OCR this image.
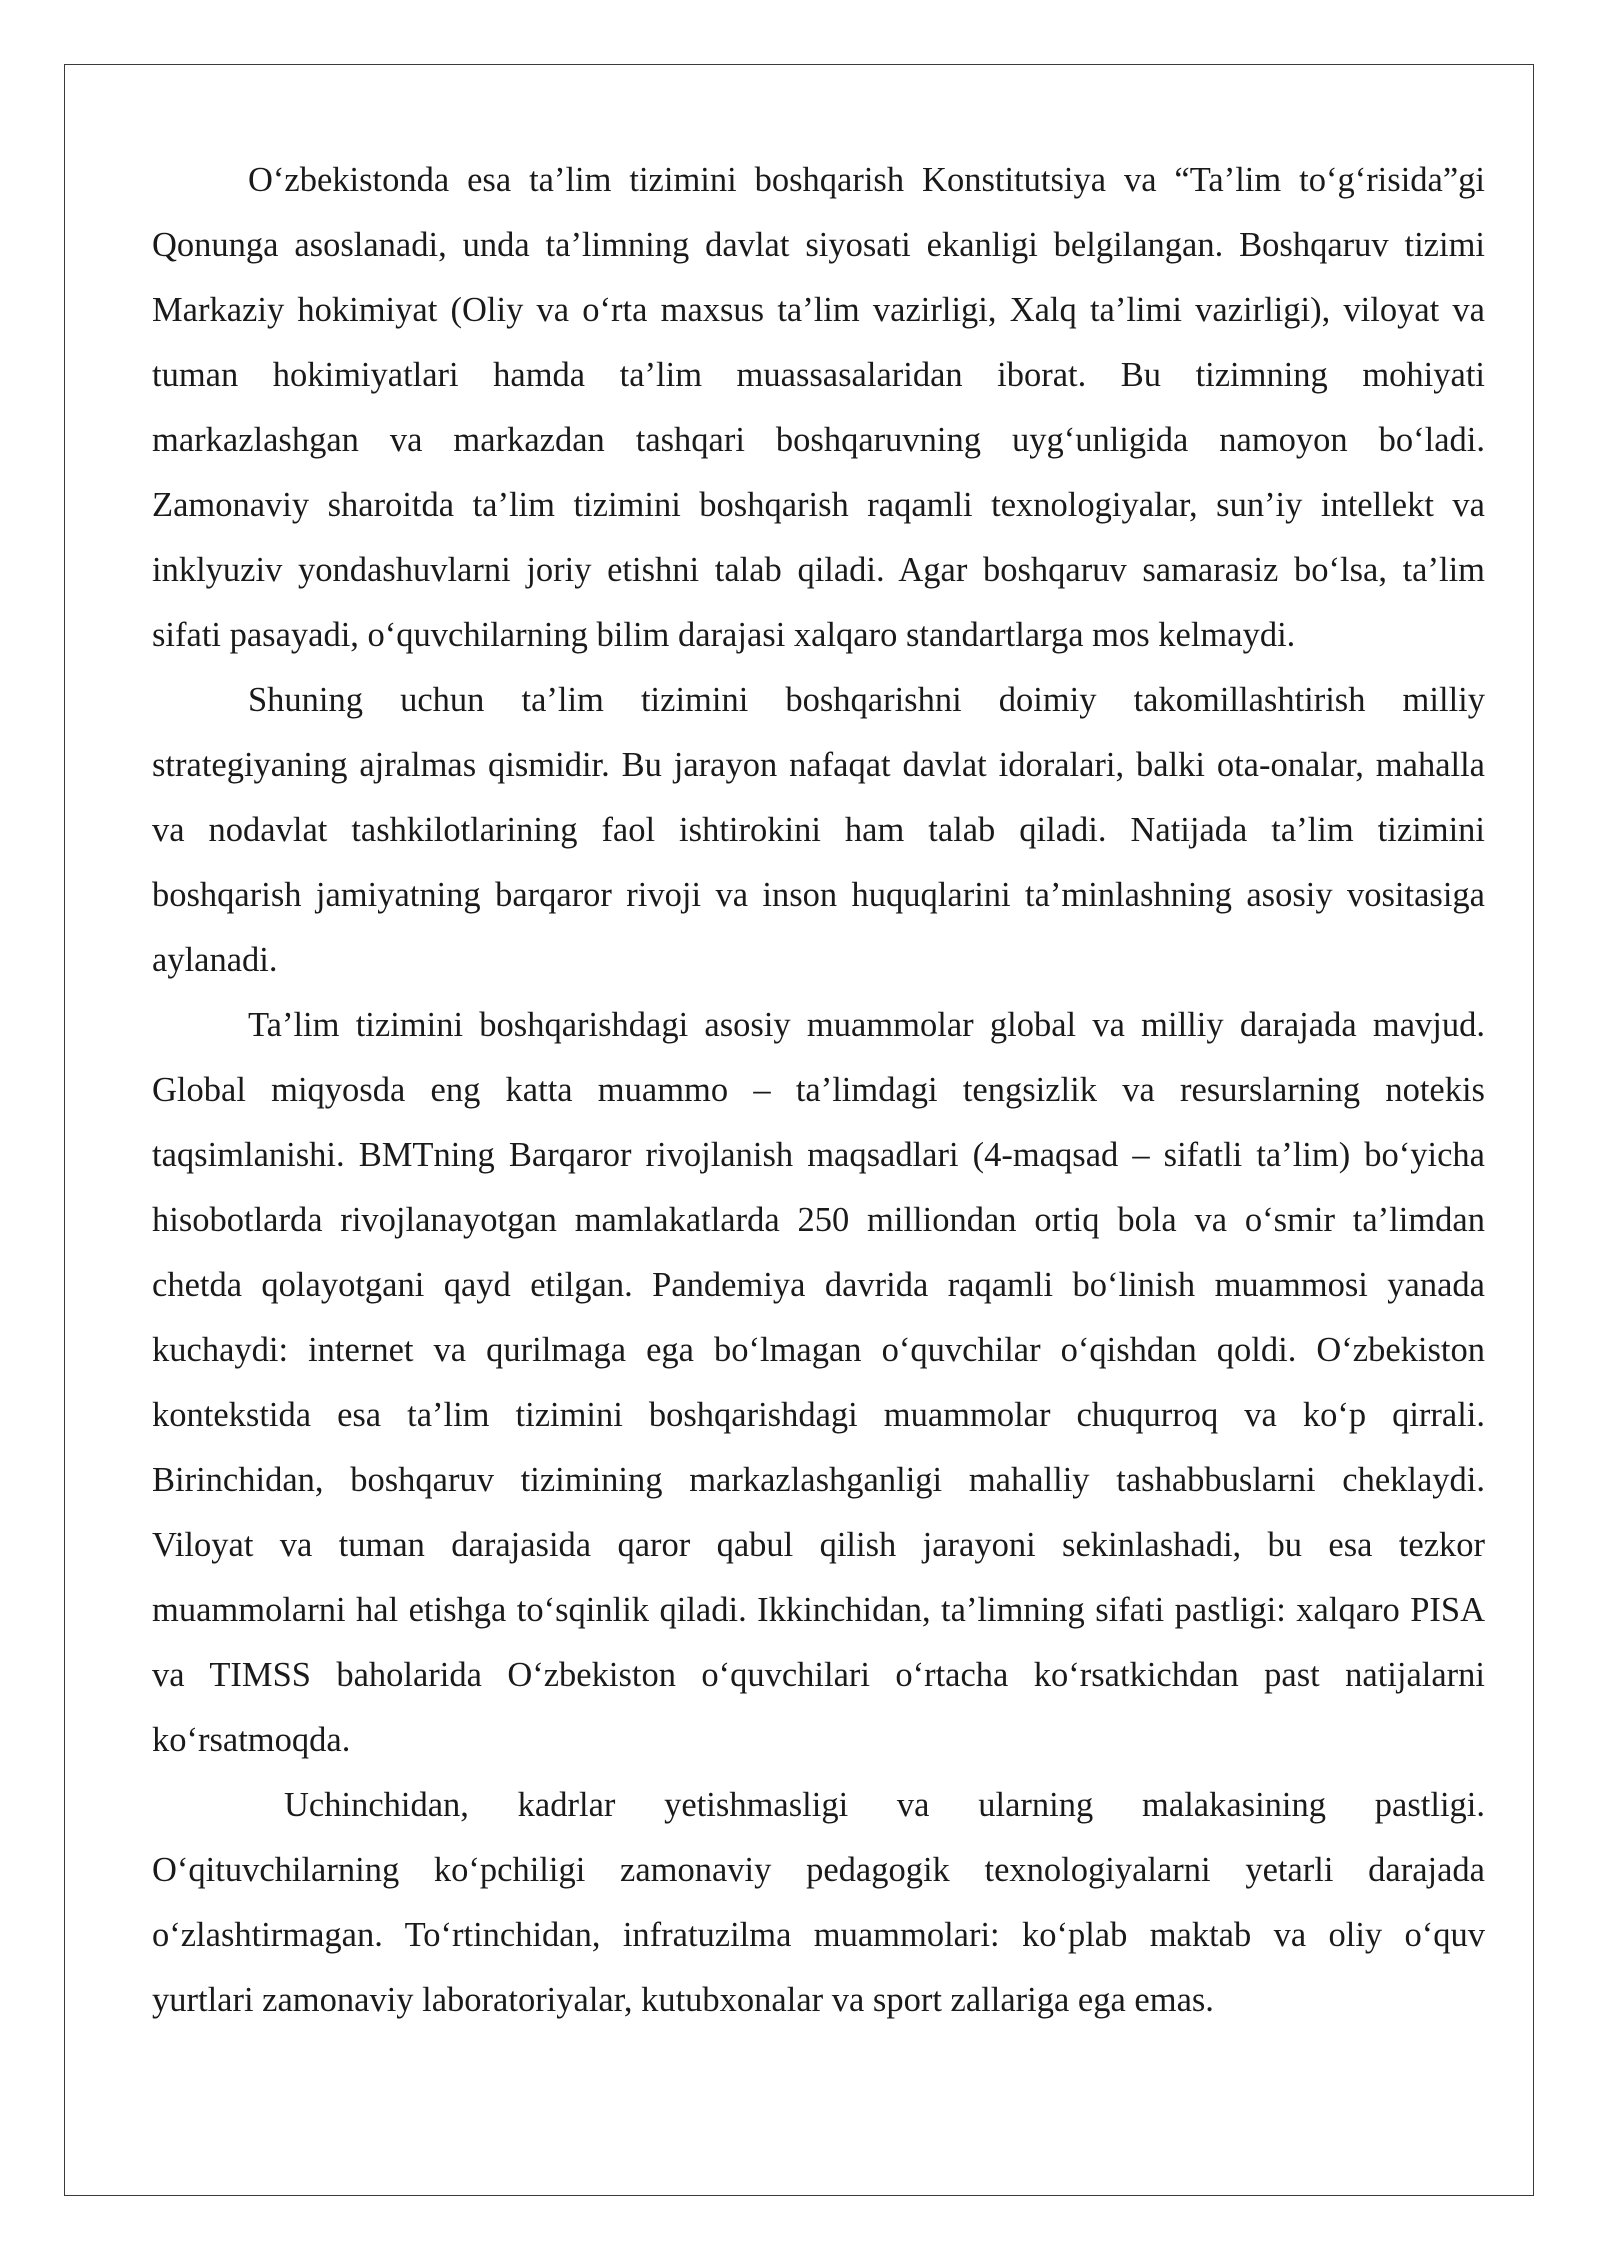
O‘zbekistonda esa ta’lim tizimini boshqarish Konstitutsiya va “Ta’lim to‘g‘risida”gi Qonunga asoslanadi, unda ta’limning davlat siyosati ekanligi belgilangan. Boshqaruv tizimi Markaziy hokimiyat (Oliy va o‘rta maxsus ta’lim vazirligi, Xalq ta’limi vazirligi), viloyat va tuman hokimiyatlari hamda ta’lim muassasalaridan iborat. Bu tizimning mohiyati markazlashgan va markazdan tashqari boshqaruvning uyg‘unligida namoyon bo‘ladi. Zamonaviy sharoitda ta’lim tizimini boshqarish raqamli texnologiyalar, sun’iy intellekt va inklyuziv yondashuvlarni joriy etishni talab qiladi. Agar boshqaruv samarasiz bo‘lsa, ta’lim sifati pasayadi, o‘quvchilarning bilim darajasi xalqaro standartlarga mos kelmaydi.

Shuning uchun ta’lim tizimini boshqarishni doimiy takomillashtirish milliy strategiyaning ajralmas qismidir. Bu jarayon nafaqat davlat idoralari, balki ota-onalar, mahalla va nodavlat tashkilotlarining faol ishtirokini ham talab qiladi. Natijada ta’lim tizimini boshqarish jamiyatning barqaror rivoji va inson huquqlarini ta’minlashning asosiy vositasiga aylanadi.

Ta’lim tizimini boshqarishdagi asosiy muammolar global va milliy darajada mavjud. Global miqyosda eng katta muammo – ta’limdagi tengsizlik va resurslarning notekis taqsimlanishi. BMTning Barqaror rivojlanish maqsadlari (4-maqsad – sifatli ta’lim) bo‘yicha hisobotlarda rivojlanayotgan mamlakatlarda 250 milliondan ortiq bola va o‘smir ta’limdan chetda qolayotgani qayd etilgan. Pandemiya davrida raqamli bo‘linish muammosi yanada kuchaydi: internet va qurilmaga ega bo‘lmagan o‘quvchilar o‘qishdan qoldi. O‘zbekiston kontekstida esa ta’lim tizimini boshqarishdagi muammolar chuqurroq va ko‘p qirrali. Birinchidan, boshqaruv tizimining markazlashganligi mahalliy tashabbuslarni cheklaydi. Viloyat va tuman darajasida qaror qabul qilish jarayoni sekinlashadi, bu esa tezkor muammolarni hal etishga to‘sqinlik qiladi. Ikkinchidan, ta’limning sifati pastligi: xalqaro PISA va TIMSS baholarida O‘zbekiston o‘quvchilari o‘rtacha ko‘rsatkichdan past natijalarni ko‘rsatmoqda.

Uchinchidan, kadrlar yetishmasligi va ularning malakasining pastligi. O‘qituvchilarning ko‘pchiligi zamonaviy pedagogik texnologiyalarni yetarli darajada o‘zlashtirmagan. To‘rtinchidan, infratuzilma muammolari: ko‘plab maktab va oliy o‘quv yurtlari zamonaviy laboratoriyalar, kutubxonalar va sport zallariga ega emas.
